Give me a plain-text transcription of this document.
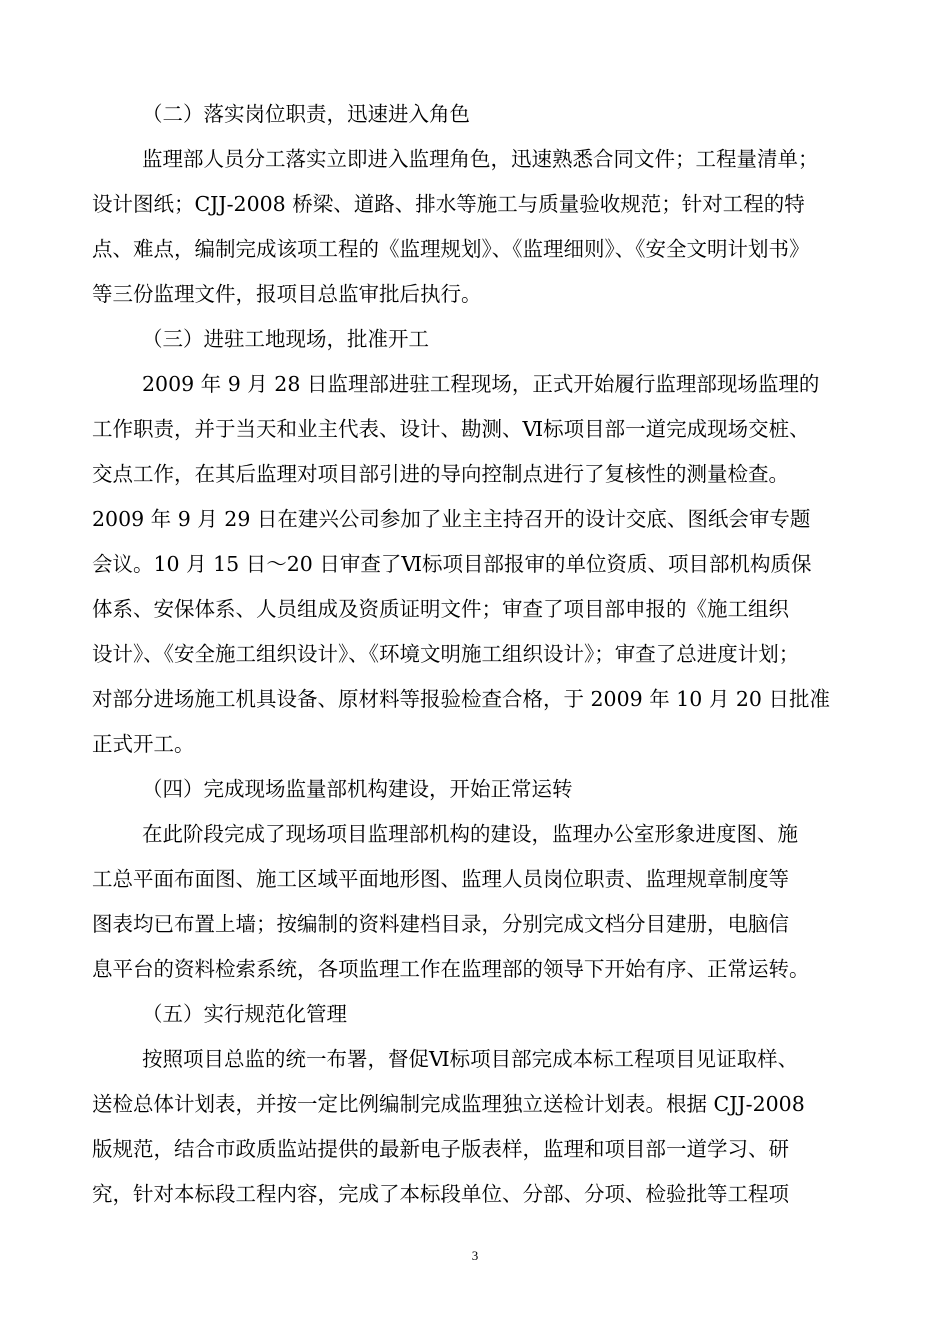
（二）落实岗位职责，迅速进入角色

监理部人员分工落实立即进入监理角色，迅速熟悉合同文件；工程量清单；
设计图纸；CJJ-2008 桥梁、道路、排水等施工与质量验收规范；针对工程的特
点、难点，编制完成该项工程的《监理规划》、《监理细则》、《安全文明计划书》
等三份监理文件，报项目总监审批后执行。

（三）进驻工地现场，批准开工

2009 年 9 月 28 日监理部进驻工程现场，正式开始履行监理部现场监理的
工作职责，并于当天和业主代表、设计、勘测、Ⅵ标项目部一道完成现场交桩、
交点工作，在其后监理对项目部引进的导向控制点进行了复核性的测量检查。
2009 年 9 月 29 日在建兴公司参加了业主主持召开的设计交底、图纸会审专题
会议。10 月 15 日～20 日审查了Ⅵ标项目部报审的单位资质、项目部机构质保
体系、安保体系、人员组成及资质证明文件；审查了项目部申报的《施工组织
设计》、《安全施工组织设计》、《环境文明施工组织设计》；审查了总进度计划；
对部分进场施工机具设备、原材料等报验检查合格，于 2009 年 10 月 20 日批准
正式开工。

（四）完成现场监量部机构建设，开始正常运转

在此阶段完成了现场项目监理部机构的建设，监理办公室形象进度图、施
工总平面布面图、施工区域平面地形图、监理人员岗位职责、监理规章制度等
图表均已布置上墙；按编制的资料建档目录，分别完成文档分目建册，电脑信
息平台的资料检索系统，各项监理工作在监理部的领导下开始有序、正常运转。

（五）实行规范化管理

按照项目总监的统一布署，督促Ⅵ标项目部完成本标工程项目见证取样、
送检总体计划表，并按一定比例编制完成监理独立送检计划表。根据 CJJ-2008
版规范，结合市政质监站提供的最新电子版表样，监理和项目部一道学习、研
究，针对本标段工程内容，完成了本标段单位、分部、分项、检验批等工程项
3
